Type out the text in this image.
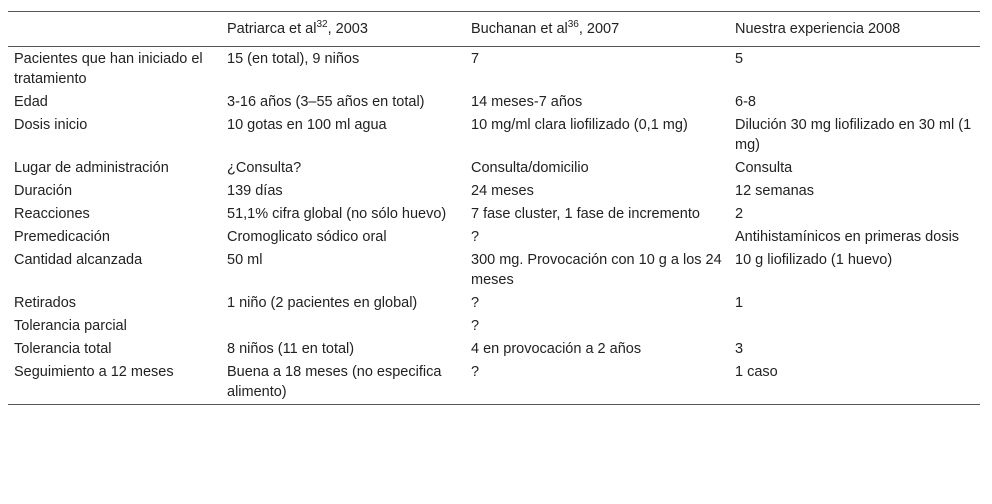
	Patriarca et $al^{32}$, 2003	Buchanan et $al^{36}$, 2007	Nuestra experiencia 2008
Pacientes que han iniciado el tratamiento	15 (en total), 9 niños	7	5
Edad	3-16 años (3–55 años en total)	14 meses-7 años	6-8
Dosis inicio	10 gotas en 100 ml agua	10 mg/ml clara liofilizado (0,1 mg)	Dilución 30 mg liofilizado en 30 ml (1 mg)
Lugar de administración	¿Consulta?	Consulta/domicilio	Consulta
Duración	139 días	24 meses	12 semanas
Reacciones	51,1% cifra global (no sólo huevo)	7 fase cluster, 1 fase de incremento	2
Premedicación	Cromoglicato sódico oral	?	Antihistamínicos en primeras dosis
Cantidad alcanzada	50 ml	300 mg. Provocación con 10 g a los 24 meses	10 g liofilizado (1 huevo)
Retirados	1 niño (2 pacientes en global)	?	1
Tolerancia parcial		?	
Tolerancia total	8 niños (11 en total)	4 en provocación a 2 años	3
Seguimiento a 12 meses	Buena a 18 meses (no especifica alimento)	?	1 caso
